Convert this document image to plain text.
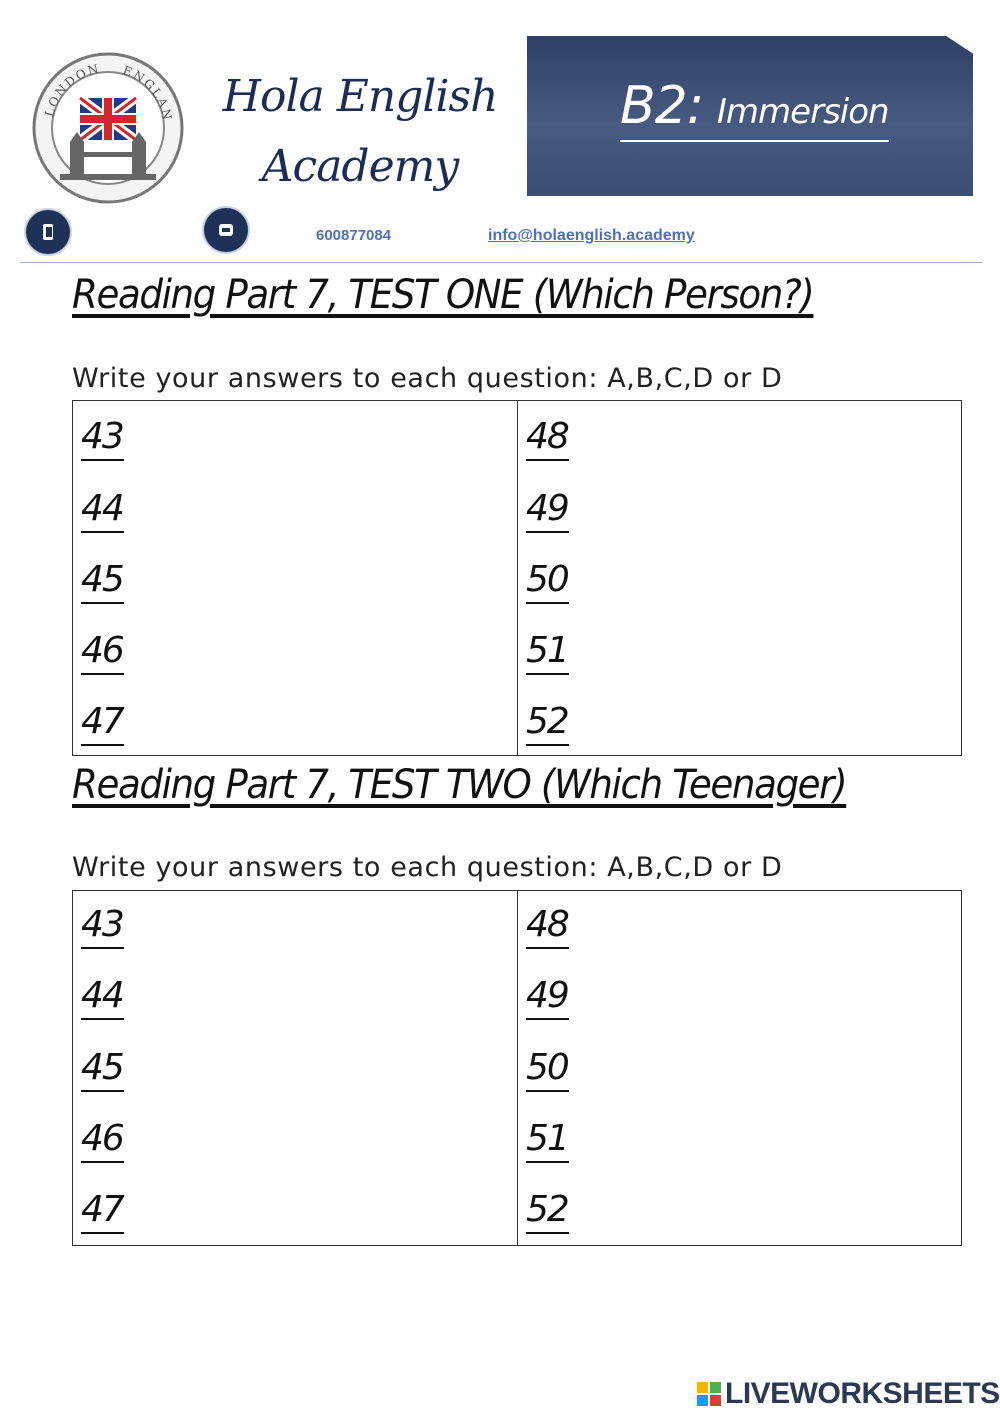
LONDON	ENGLAN Hola English
Academy
B2: Immersion
600877084	info@holaenglish.academy
Reading Part 7, TEST ONE (Which Person?)
Write your answers to each question: A,B,C,D or D
43
44
45
46
47
48
49
50
51
52
Reading Part 7, TEST TWO (Which Teenager)
Write your answers to each question: A,B,C,D or D
43
44
45
46
47
48
49
50
51
52
LIVEWORKSHEETS
